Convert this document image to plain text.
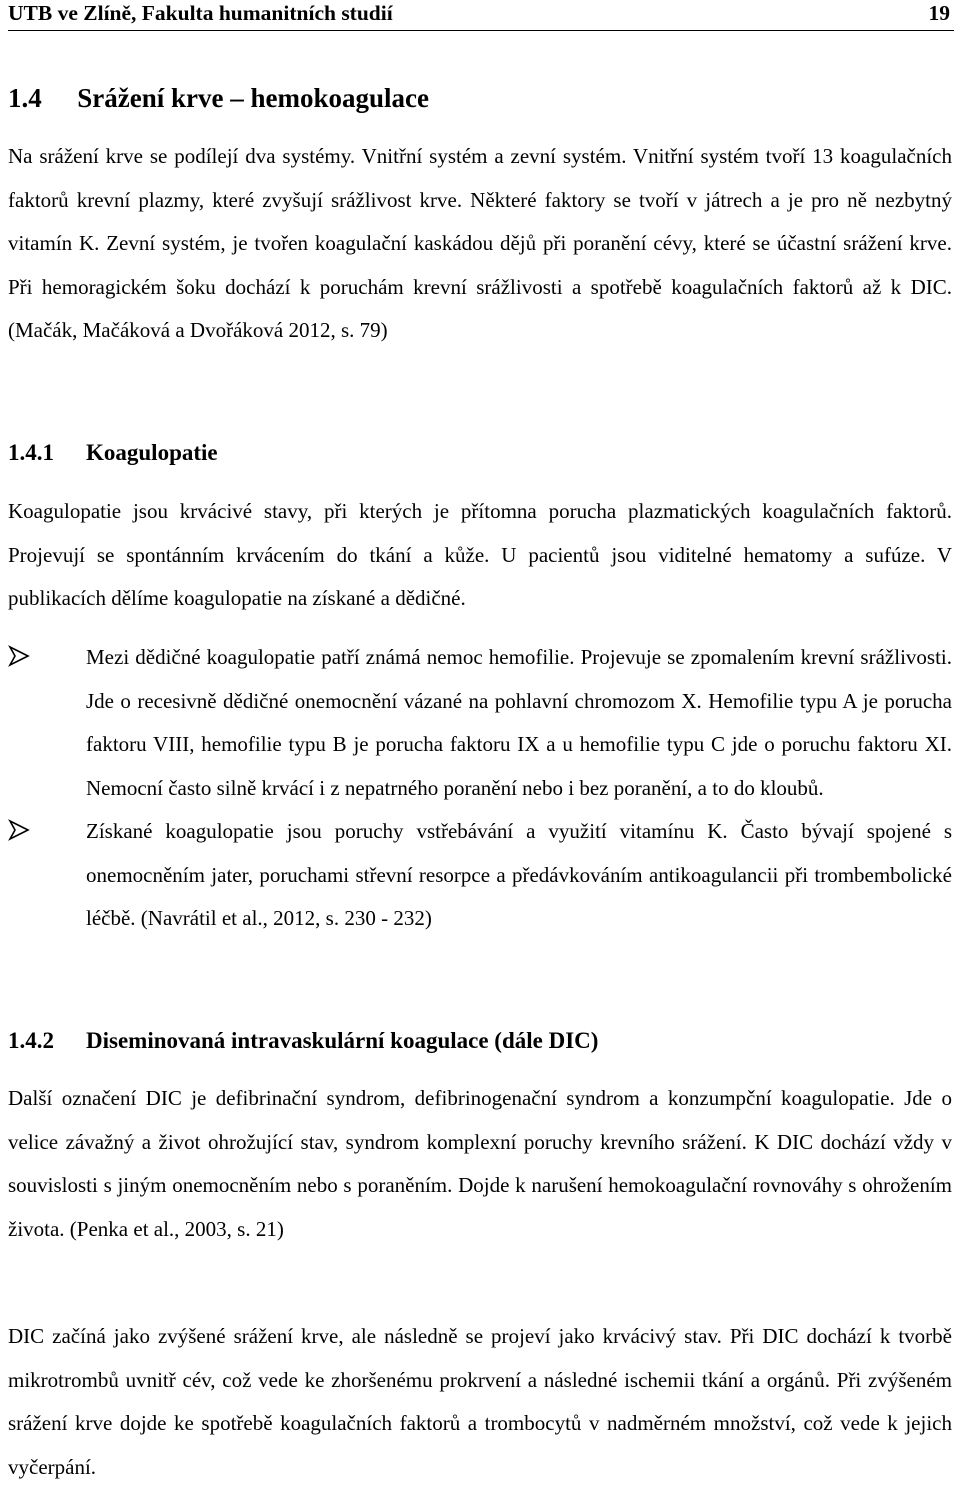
UTB ve Zlíně, Fakulta humanitních studií	19
1.4 Srážení krve – hemokoagulace

Na srážení krve se podílejí dva systémy. Vnitřní systém a zevní systém. Vnitřní systém tvoří 13 koagulačních faktorů krevní plazmy, které zvyšují srážlivost krve. Některé faktory se tvoří v játrech a je pro ně nezbytný vitamín K. Zevní systém, je tvořen koagulační kaskádou dějů při poranění cévy, které se účastní srážení krve. Při hemoragickém šoku dochází k poruchám krevní srážlivosti a spotřebě koagulačních faktorů až k DIC. (Mačák, Mačáková a Dvořáková 2012, s. 79)

1.4.1 Koagulopatie

Koagulopatie jsou krvácivé stavy, při kterých je přítomna porucha plazmatických koagulačních faktorů. Projevují se spontánním krvácením do tkání a kůže. U pacientů jsou viditelné hematomy a sufúze. V publikacích dělíme koagulopatie na získané a dědičné.

Mezi dědičné koagulopatie patří známá nemoc hemofilie. Projevuje se zpomalením krevní srážlivosti. Jde o recesivně dědičné onemocnění vázané na pohlavní chromozom X. Hemofilie typu A je porucha faktoru VIII, hemofilie typu B je porucha faktoru IX a u hemofilie typu C jde o poruchu faktoru XI. Nemocní často silně krvácí i z nepatrného poranění nebo i bez poranění, a to do kloubů.
Získané koagulopatie jsou poruchy vstřebávání a využití vitamínu K. Často bývají spojené s onemocněním jater, poruchami střevní resorpce a předávkováním antikoagulancii při trombembolické léčbě. (Navrátil et al., 2012, s. 230 - 232)
1.4.2 Diseminovaná intravaskulární koagulace (dále DIC)

Další označení DIC je defibrinační syndrom, defibrinogenační syndrom a konzumpční koagulopatie. Jde o velice závažný a život ohrožující stav, syndrom komplexní poruchy krevního srážení. K DIC dochází vždy v souvislosti s jiným onemocněním nebo s poraněním. Dojde k narušení hemokoagulační rovnováhy s ohrožením života. (Penka et al., 2003, s. 21)

DIC začíná jako zvýšené srážení krve, ale následně se projeví jako krvácivý stav. Při DIC dochází k tvorbě mikrotrombů uvnitř cév, což vede ke zhoršenému prokrvení a následné ischemii tkání a orgánů. Při zvýšeném srážení krve dojde ke spotřebě koagulačních faktorů a trombocytů v nadměrném množství, což vede k jejich vyčerpání.
